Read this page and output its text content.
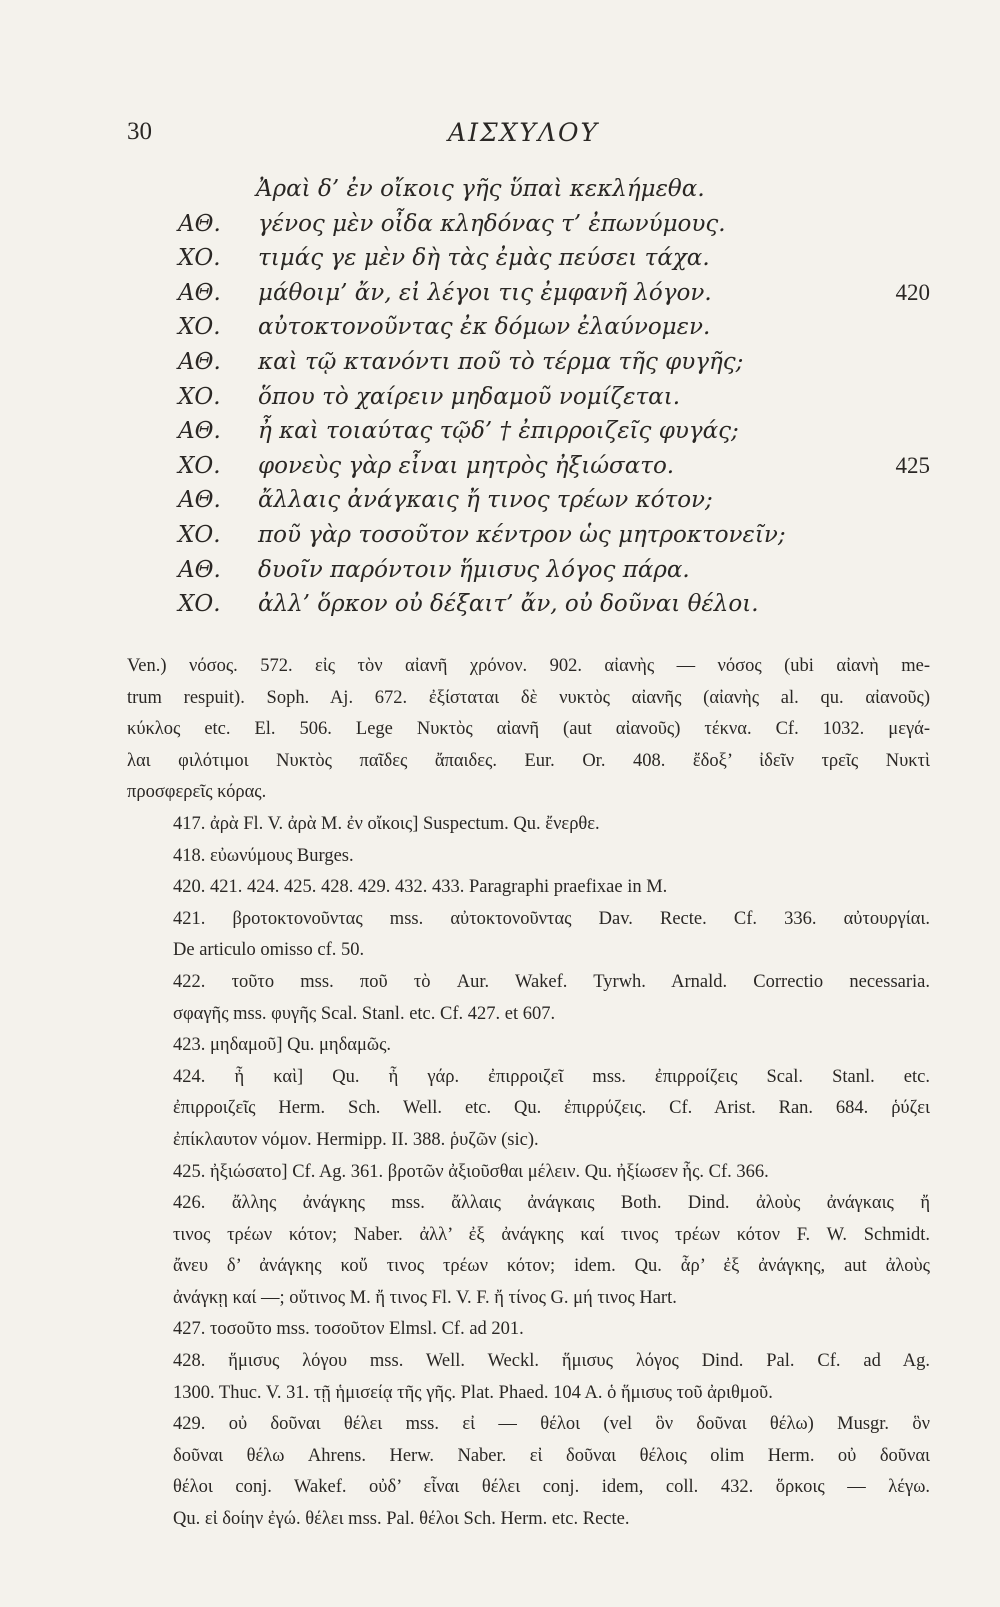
30	ΑΙΣΧΥΛΟΥ
Ἀραὶ δ’ ἐν οἴκοις γῆς ὕπαὶ κεκλήμεθα.
ΑΘ. γένος μὲν οἶδα κληδόνας τ’ ἐπωνύμους.
ΧΟ. τιμάς γε μὲν δὴ τὰς ἐμὰς πεύσει τάχα.
ΑΘ. μάθοιμ’ ἄν, εἰ λέγοι τις ἐμφανῆ λόγον.	420
ΧΟ. αὐτοκτονοῦντας ἐκ δόμων ἐλαύνομεν.
ΑΘ. καὶ τῷ κτανόντι ποῦ τὸ τέρμα τῆς φυγῆς;
ΧΟ. ὅπου τὸ χαίρειν μηδαμοῦ νομίζεται.
ΑΘ. ἦ καὶ τοιαύτας τῷδ’ † ἐπιρροιζεῖς φυγάς;
ΧΟ. φονεὺς γὰρ εἶναι μητρὸς ἠξιώσατο.	425
ΑΘ. ἄλλαις ἀνάγκαις ἤ τινος τρέων κότον;
ΧΟ. ποῦ γὰρ τοσοῦτον κέντρον ὡς μητροκτονεῖν;
ΑΘ. δυοῖν παρόντοιν ἥμισυς λόγος πάρα.
ΧΟ. ἀλλ’ ὅρκον οὐ δέξαιτ’ ἄν, οὐ δοῦναι θέλοι.
Ven.) νόσος. 572. εἰς τὸν αἰανῆ χρόνον. 902. αἰανὴς — νόσος (ubi αἰανὴ me-
trum respuit). Soph. Aj. 672. ἐξίσταται δὲ νυκτὸς αἰανῆς (αἰανὴς al. qu. αἰανοῦς)
κύκλος etc. El. 506. Lege Νυκτὸς αἰανῆ (aut αἰανοῦς) τέκνα. Cf. 1032. μεγά-
λαι φιλότιμοι Νυκτὸς παῖδες ἄπαιδες. Eur. Or. 408. ἔδοξ’ ἰδεῖν τρεῖς Νυκτὶ
προσφερεῖς κόρας.
417. ἀρὰ Fl. V. ἀρὰ M. ἐν οἴκοις] Suspectum. Qu. ἔνερθε.
418. εὐωνύμους Burges.
420. 421. 424. 425. 428. 429. 432. 433. Paragraphi praefixae in M.
421. βροτοκτονοῦντας mss. αὐτοκτονοῦντας Dav. Recte. Cf. 336. αὐτουργίαι.
De articulo omisso cf. 50.
422. τοῦτο mss. ποῦ τὸ Aur. Wakef. Tyrwh. Arnald. Correctio necessaria.
σφαγῆς mss. φυγῆς Scal. Stanl. etc. Cf. 427. et 607.
423. μηδαμοῦ] Qu. μηδαμῶς.
424. ἦ καὶ] Qu. ἦ γάρ. ἐπιρροιζεῖ mss. ἐπιρροίζεις Scal. Stanl. etc.
ἐπιρροιζεῖς Herm. Sch. Well. etc. Qu. ἐπιρρύζεις. Cf. Arist. Ran. 684. ῥύζει
ἐπίκλαυτον νόμον. Hermipp. II. 388. ῥυζῶν (sic).
425. ἠξιώσατο] Cf. Ag. 361. βροτῶν ἀξιοῦσθαι μέλειν. Qu. ἠξίωσεν ἧς. Cf. 366.
426. ἄλλης ἀνάγκης mss. ἄλλαις ἀνάγκαις Both. Dind. ἀλοὺς ἀνάγκαις ἤ
τινος τρέων κότον; Naber. ἀλλ’ ἐξ ἀνάγκης καί τινος τρέων κότον F. W. Schmidt.
ἄνευ δ’ ἀνάγκης κοὔ τινος τρέων κότον; idem. Qu. ἆρ’ ἐξ ἀνάγκης, aut ἀλοὺς
ἀνάγκῃ καί —; οὔτινος M. ἤ τινος Fl. V. F. ἤ τίνος G. μή τινος Hart.
427. τοσοῦτο mss. τοσοῦτον Elmsl. Cf. ad 201.
428. ἥμισυς λόγου mss. Well. Weckl. ἥμισυς λόγος Dind. Pal. Cf. ad Ag.
1300. Thuc. V. 31. τῇ ἡμισείᾳ τῆς γῆς. Plat. Phaed. 104 A. ὁ ἥμισυς τοῦ ἀριθμοῦ.
429. οὐ δοῦναι θέλει mss. εἰ — θέλοι (vel ὃν δοῦναι θέλω) Musgr. ὃν
δοῦναι θέλω Ahrens. Herw. Naber. εἰ δοῦναι θέλοις olim Herm. οὐ δοῦναι
θέλοι conj. Wakef. οὐδ’ εἶναι θέλει conj. idem, coll. 432. ὅρκοις — λέγω.
Qu. εἰ δοίην ἐγώ. θέλει mss. Pal. θέλοι Sch. Herm. etc. Recte.
